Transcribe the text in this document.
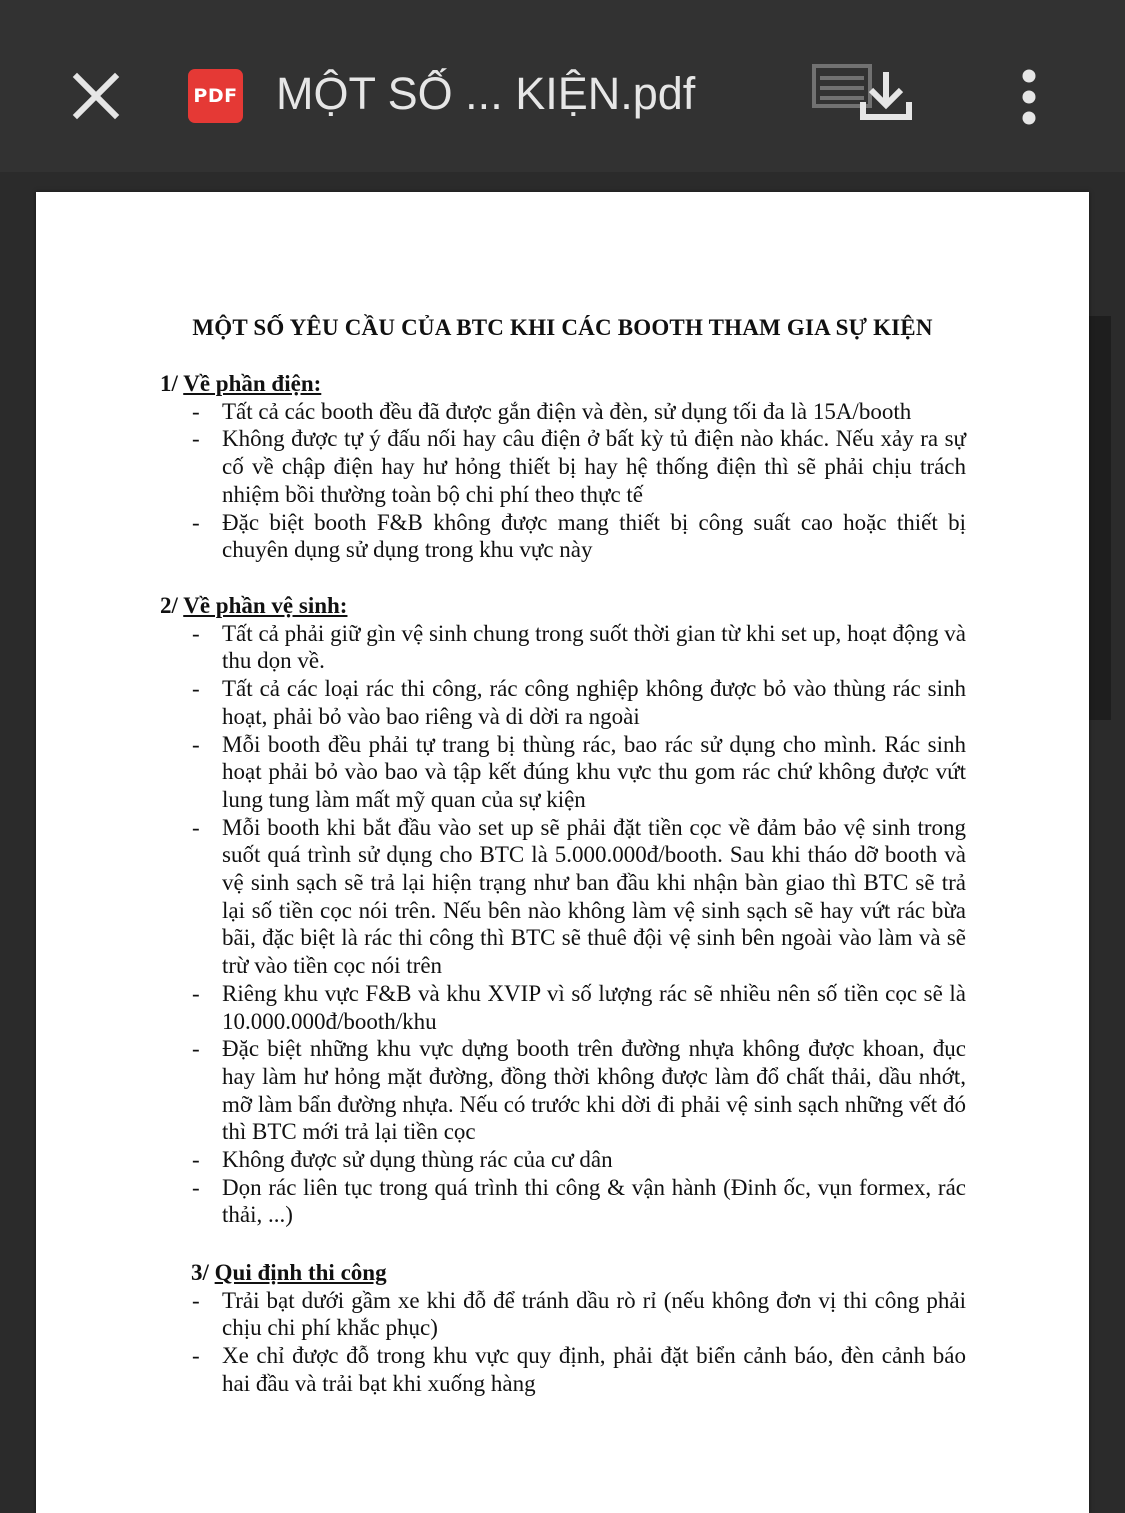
PDF MỘT SỐ ... KIỆN.pdf
MỘT SỐ YÊU CẦU CỦA BTC KHI CÁC BOOTH THAM GIA SỰ KIỆN

1/ Về phần điện:

- Tất cả các booth đều đã được gắn điện và đèn, sử dụng tối đa là 15A/booth
- Không được tự ý đấu nối hay câu điện ở bất kỳ tủ điện nào khác. Nếu xảy ra sự cố về chập điện hay hư hỏng thiết bị hay hệ thống điện thì sẽ phải chịu trách nhiệm bồi thường toàn bộ chi phí theo thực tế
- Đặc biệt booth F&B không được mang thiết bị công suất cao hoặc thiết bị chuyên dụng sử dụng trong khu vực này

2/ Về phần vệ sinh:

- Tất cả phải giữ gìn vệ sinh chung trong suốt thời gian từ khi set up, hoạt động và thu dọn về.
- Tất cả các loại rác thi công, rác công nghiệp không được bỏ vào thùng rác sinh hoạt, phải bỏ vào bao riêng và di dời ra ngoài
- Mỗi booth đều phải tự trang bị thùng rác, bao rác sử dụng cho mình. Rác sinh hoạt phải bỏ vào bao và tập kết đúng khu vực thu gom rác chứ không được vứt lung tung làm mất mỹ quan của sự kiện
- Mỗi booth khi bắt đầu vào set up sẽ phải đặt tiền cọc về đảm bảo vệ sinh trong suốt quá trình sử dụng cho BTC là 5.000.000đ/booth. Sau khi tháo dỡ booth và vệ sinh sạch sẽ trả lại hiện trạng như ban đầu khi nhận bàn giao thì BTC sẽ trả lại số tiền cọc nói trên. Nếu bên nào không làm vệ sinh sạch sẽ hay vứt rác bừa bãi, đặc biệt là rác thi công thì BTC sẽ thuê đội vệ sinh bên ngoài vào làm và sẽ trừ vào tiền cọc nói trên
- Riêng khu vực F&B và khu XVIP vì số lượng rác sẽ nhiều nên số tiền cọc sẽ là 10.000.000đ/booth/khu
- Đặc biệt những khu vực dựng booth trên đường nhựa không được khoan, đục hay làm hư hỏng mặt đường, đồng thời không được làm đổ chất thải, dầu nhớt, mỡ làm bẩn đường nhựa. Nếu có trước khi dời đi phải vệ sinh sạch những vết đó thì BTC mới trả lại tiền cọc
- Không được sử dụng thùng rác của cư dân
- Dọn rác liên tục trong quá trình thi công & vận hành (Đinh ốc, vụn formex, rác thải, ...)

3/ Qui định thi công

- Trải bạt dưới gầm xe khi đỗ để tránh dầu rò rỉ (nếu không đơn vị thi công phải chịu chi phí khắc phục)
- Xe chỉ được đỗ trong khu vực quy định, phải đặt biển cảnh báo, đèn cảnh báo hai đầu và trải bạt khi xuống hàng
